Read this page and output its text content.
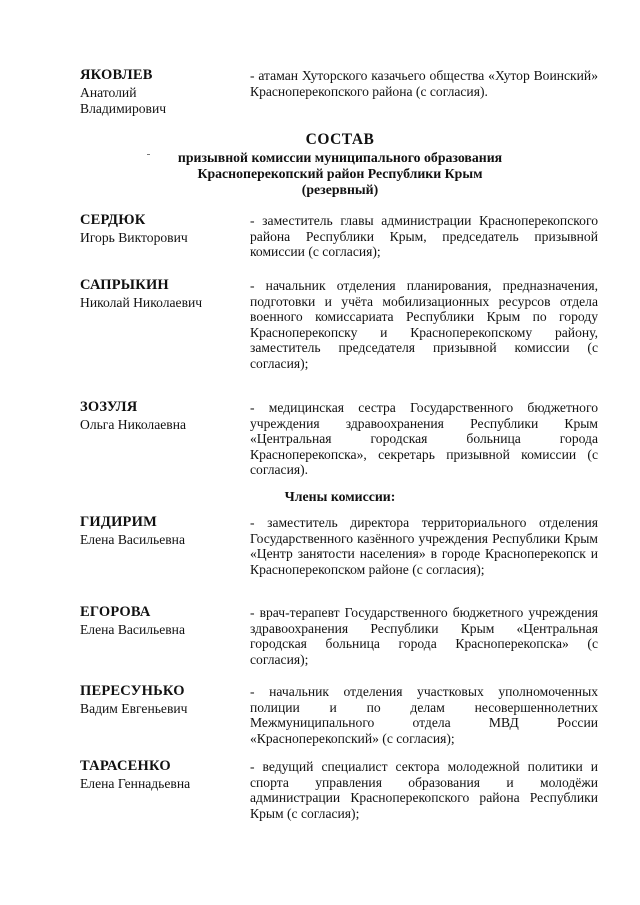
ЯКОВЛЕВ
Анатолий Владимирович
- атаман Хуторского казачьего общества «Хутор Воинский» Красноперекопского района (с согласия).
СОСТАВ
призывной комиссии муниципального образования
Красноперекопский район Республики Крым
(резервный)
СЕРДЮК
Игорь Викторович
- заместитель главы администрации Красноперекопского района Республики Крым, председатель призывной комиссии (с согласия);
САПРЫКИН
Николай Николаевич
- начальник отделения планирования, предназначения, подготовки и учёта мобилизационных ресурсов отдела военного комиссариата Республики Крым по городу Красноперекопску и Красноперекопскому району, заместитель председателя призывной комиссии (с согласия);
ЗОЗУЛЯ
Ольга Николаевна
- медицинская сестра Государственного бюджетного учреждения здравоохранения Республики Крым «Центральная городская больница города Красноперекопска», секретарь призывной комиссии (с согласия).
Члены комиссии:
ГИДИРИМ
Елена Васильевна
- заместитель директора территориального отделения Государственного казённого учреждения Республики Крым «Центр занятости населения» в городе Красноперекопск и Красноперекопском районе (с согласия);
ЕГОРОВА
Елена Васильевна
- врач-терапевт Государственного бюджетного учреждения здравоохранения Республики Крым «Центральная городская больница города Красноперекопска» (с согласия);
ПЕРЕСУНЬКО
Вадим Евгеньевич
- начальник отделения участковых уполномоченных полиции и по делам несовершеннолетних Межмуниципального отдела МВД России «Красноперекопский» (с согласия);
ТАРАСЕНКО
Елена Геннадьевна
- ведущий специалист сектора молодежной политики и спорта управления образования и молодёжи администрации Красноперекопского района Республики Крым (с согласия);
